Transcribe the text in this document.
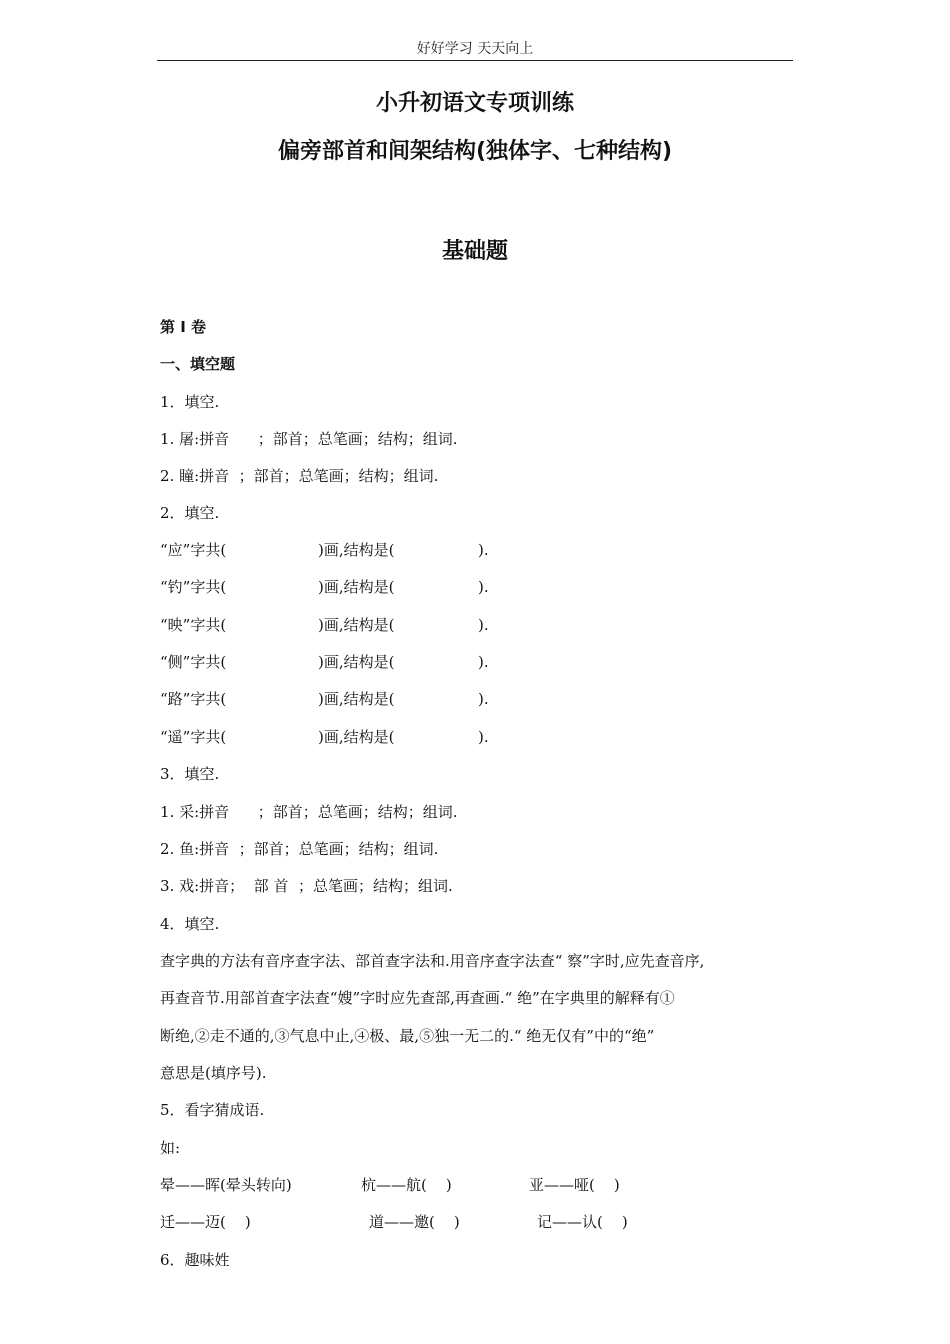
好好学习 天天向上
小升初语文专项训练
偏旁部首和间架结构(独体字、七种结构)
基础题
第 I 卷
一、填空题
1．填空.
1. 屠:拼音      ；部首；总笔画；结构；组词.
2. 瞳:拼音  ；部首；总笔画；结构；组词.
2．填空.
“应”字共(	)画,结构是(	).
“钓”字共(	)画,结构是(	).
“映”字共(	)画,结构是(	).
“侧”字共(	)画,结构是(	).
“路”字共(	)画,结构是(	).
“遥”字共(	)画,结构是(	).
3．填空.
1. 采:拼音      ；部首；总笔画；结构；组词.
2. 鱼:拼音  ；部首；总笔画；结构；组词.
3. 戏:拼音；  部 首  ；总笔画；结构；组词.
4．填空.
查字典的方法有音序查字法、部首查字法和.用音序查字法查“ 察”字时,应先查音序,
再查音节.用部首查字法查“嫂”字时应先查部,再查画.“ 绝”在字典里的解释有①
断绝,②走不通的,③气息中止,④极、最,⑤独一无二的.“ 绝无仅有”中的“绝”
意思是(填序号).
5．看字猜成语.
如:
晕——晖(晕头转向)	杭——航(    )	亚——哑(    )
迁——迈(    )	道——邀(    )	记——认(    )
6．趣味姓
